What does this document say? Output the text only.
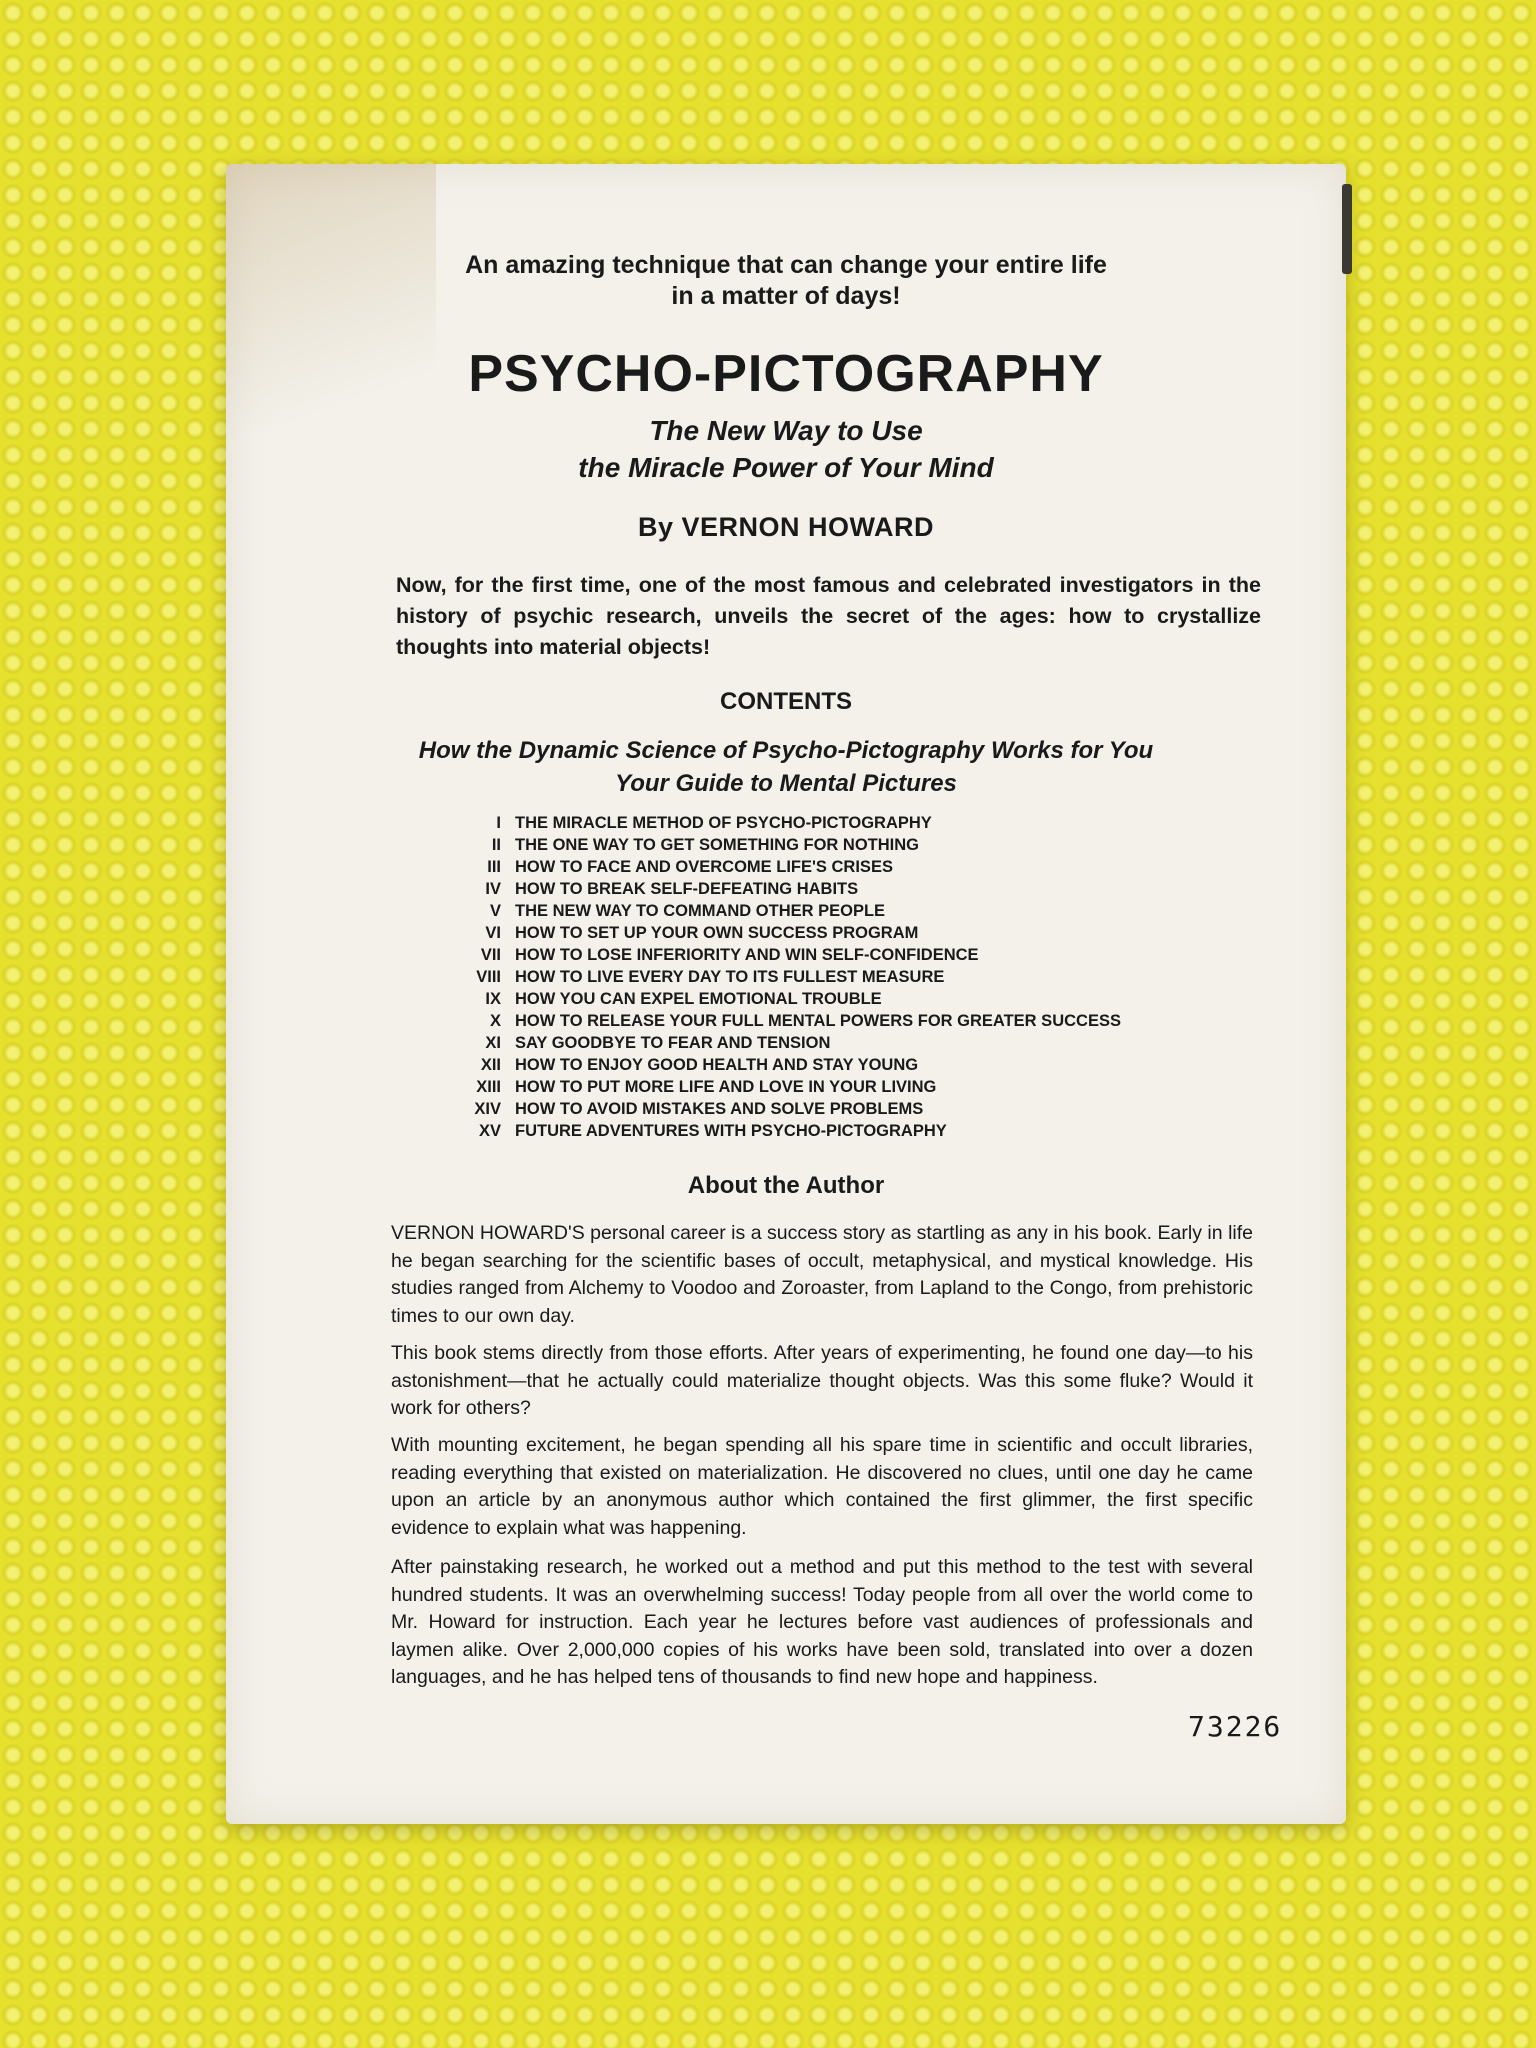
An amazing technique that can change your entire life
in a matter of days!
PSYCHO-PICTOGRAPHY
The New Way to Use
the Miracle Power of Your Mind
By VERNON HOWARD
Now, for the first time, one of the most famous and celebrated investigators in the history of psychic research, unveils the secret of the ages: how to crystallize thoughts into material objects!
CONTENTS
How the Dynamic Science of Psycho-Pictography Works for You
Your Guide to Mental Pictures
I THE MIRACLE METHOD OF PSYCHO-PICTOGRAPHY
II THE ONE WAY TO GET SOMETHING FOR NOTHING
III HOW TO FACE AND OVERCOME LIFE'S CRISES
IV HOW TO BREAK SELF-DEFEATING HABITS
V THE NEW WAY TO COMMAND OTHER PEOPLE
VI HOW TO SET UP YOUR OWN SUCCESS PROGRAM
VII HOW TO LOSE INFERIORITY AND WIN SELF-CONFIDENCE
VIII HOW TO LIVE EVERY DAY TO ITS FULLEST MEASURE
IX HOW YOU CAN EXPEL EMOTIONAL TROUBLE
X HOW TO RELEASE YOUR FULL MENTAL POWERS FOR GREATER SUCCESS
XI SAY GOODBYE TO FEAR AND TENSION
XII HOW TO ENJOY GOOD HEALTH AND STAY YOUNG
XIII HOW TO PUT MORE LIFE AND LOVE IN YOUR LIVING
XIV HOW TO AVOID MISTAKES AND SOLVE PROBLEMS
XV FUTURE ADVENTURES WITH PSYCHO-PICTOGRAPHY
About the Author
VERNON HOWARD'S personal career is a success story as startling as any in his book. Early in life he began searching for the scientific bases of occult, metaphysical, and mystical knowledge. His studies ranged from Alchemy to Voodoo and Zoroaster, from Lapland to the Congo, from prehistoric times to our own day.
This book stems directly from those efforts. After years of experimenting, he found one day—to his astonishment—that he actually could materialize thought objects. Was this some fluke? Would it work for others?
With mounting excitement, he began spending all his spare time in scientific and occult libraries, reading everything that existed on materialization. He discovered no clues, until one day he came upon an article by an anonymous author which contained the first glimmer, the first specific evidence to explain what was happening.
After painstaking research, he worked out a method and put this method to the test with several hundred students. It was an overwhelming success! Today people from all over the world come to Mr. Howard for instruction. Each year he lectures before vast audiences of professionals and laymen alike. Over 2,000,000 copies of his works have been sold, translated into over a dozen languages, and he has helped tens of thousands to find new hope and happiness.
73226
